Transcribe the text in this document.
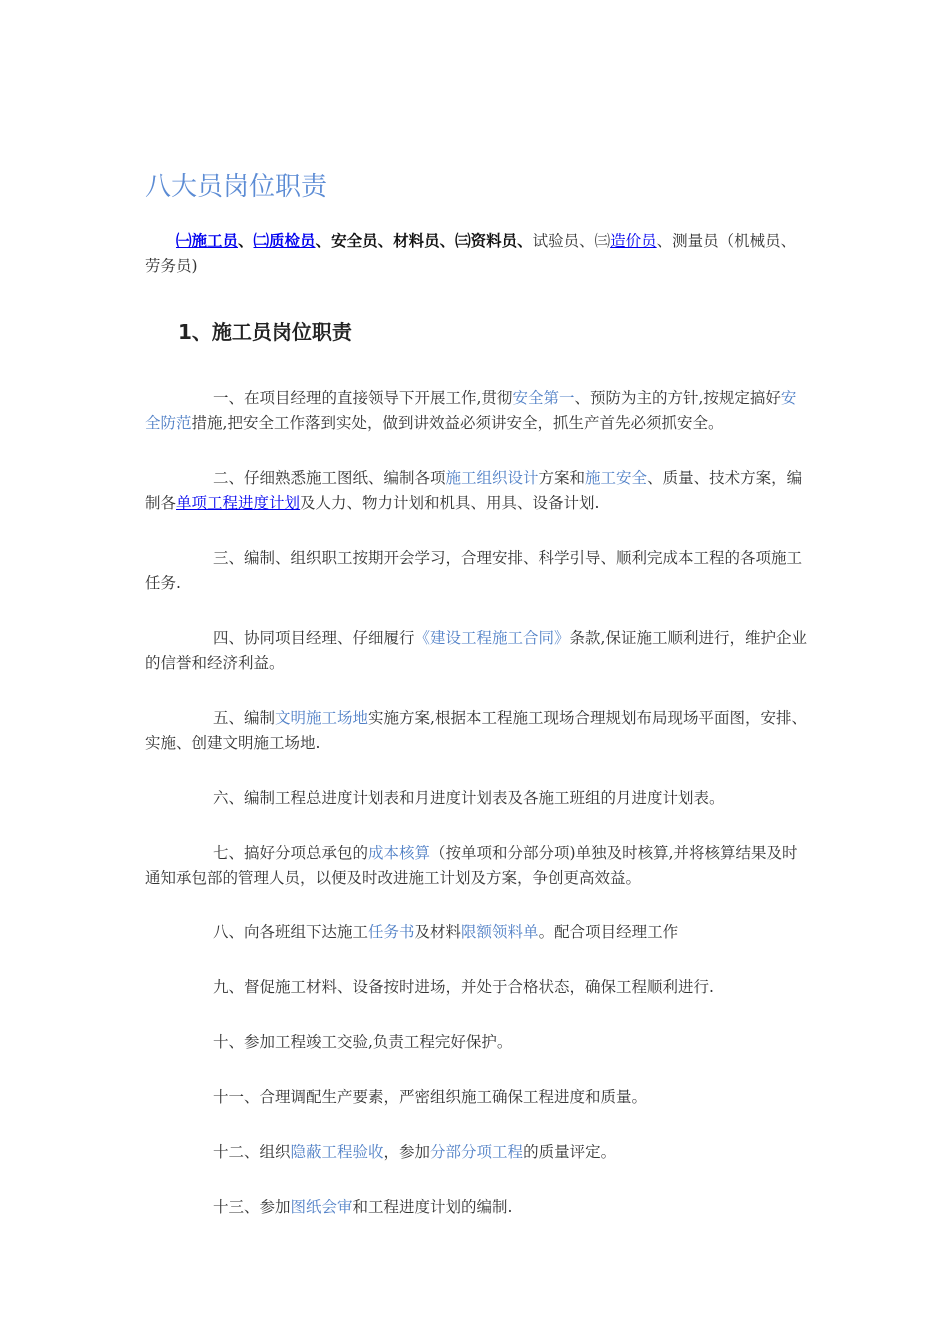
八大员岗位职责

㈠施工员、㈡质检员、安全员、材料员、㈢资料员、试验员、㈢造价员、测量员（机械员、劳务员)

1、施工员岗位职责

一、在项目经理的直接领导下开展工作,贯彻安全第一、预防为主的方针,按规定搞好安全防范措施,把安全工作落到实处，做到讲效益必须讲安全，抓生产首先必须抓安全。

二、仔细熟悉施工图纸、编制各项施工组织设计方案和施工安全、质量、技术方案，编制各单项工程进度计划及人力、物力计划和机具、用具、设备计划.

三、编制、组织职工按期开会学习，合理安排、科学引导、顺利完成本工程的各项施工任务.

四、协同项目经理、仔细履行《建设工程施工合同》条款,保证施工顺利进行，维护企业的信誉和经济利益。

五、编制文明施工场地实施方案,根据本工程施工现场合理规划布局现场平面图，安排、实施、创建文明施工场地.

六、编制工程总进度计划表和月进度计划表及各施工班组的月进度计划表。

七、搞好分项总承包的成本核算（按单项和分部分项)单独及时核算,并将核算结果及时通知承包部的管理人员，以便及时改进施工计划及方案，争创更高效益。

八、向各班组下达施工任务书及材料限额领料单。配合项目经理工作

九、督促施工材料、设备按时进场，并处于合格状态，确保工程顺利进行.

十、参加工程竣工交验,负责工程完好保护。

十一、合理调配生产要素，严密组织施工确保工程进度和质量。

十二、组织隐蔽工程验收，参加分部分项工程的质量评定。

十三、参加图纸会审和工程进度计划的编制.
